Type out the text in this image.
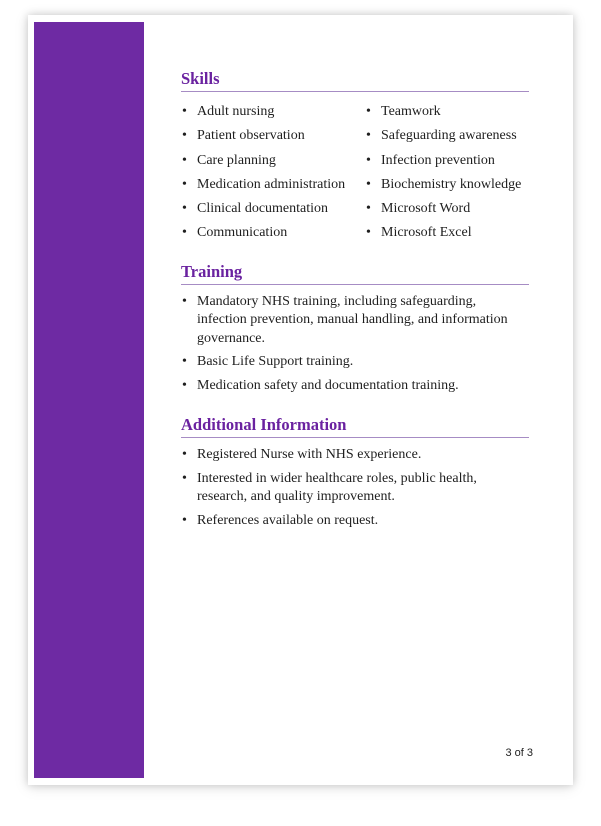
Skills
• Adult nursing	• Teamwork
• Patient observation	• Safeguarding awareness
• Care planning	• Infection prevention
• Medication administration	• Biochemistry knowledge
• Clinical documentation	• Microsoft Word
• Communication	• Microsoft Excel
Training
• Mandatory NHS training, including safeguarding, infection prevention, manual handling, and information governance.
• Basic Life Support training.
• Medication safety and documentation training.
Additional Information
• Registered Nurse with NHS experience.
• Interested in wider healthcare roles, public health, research, and quality improvement.
• References available on request.
3 of 3
